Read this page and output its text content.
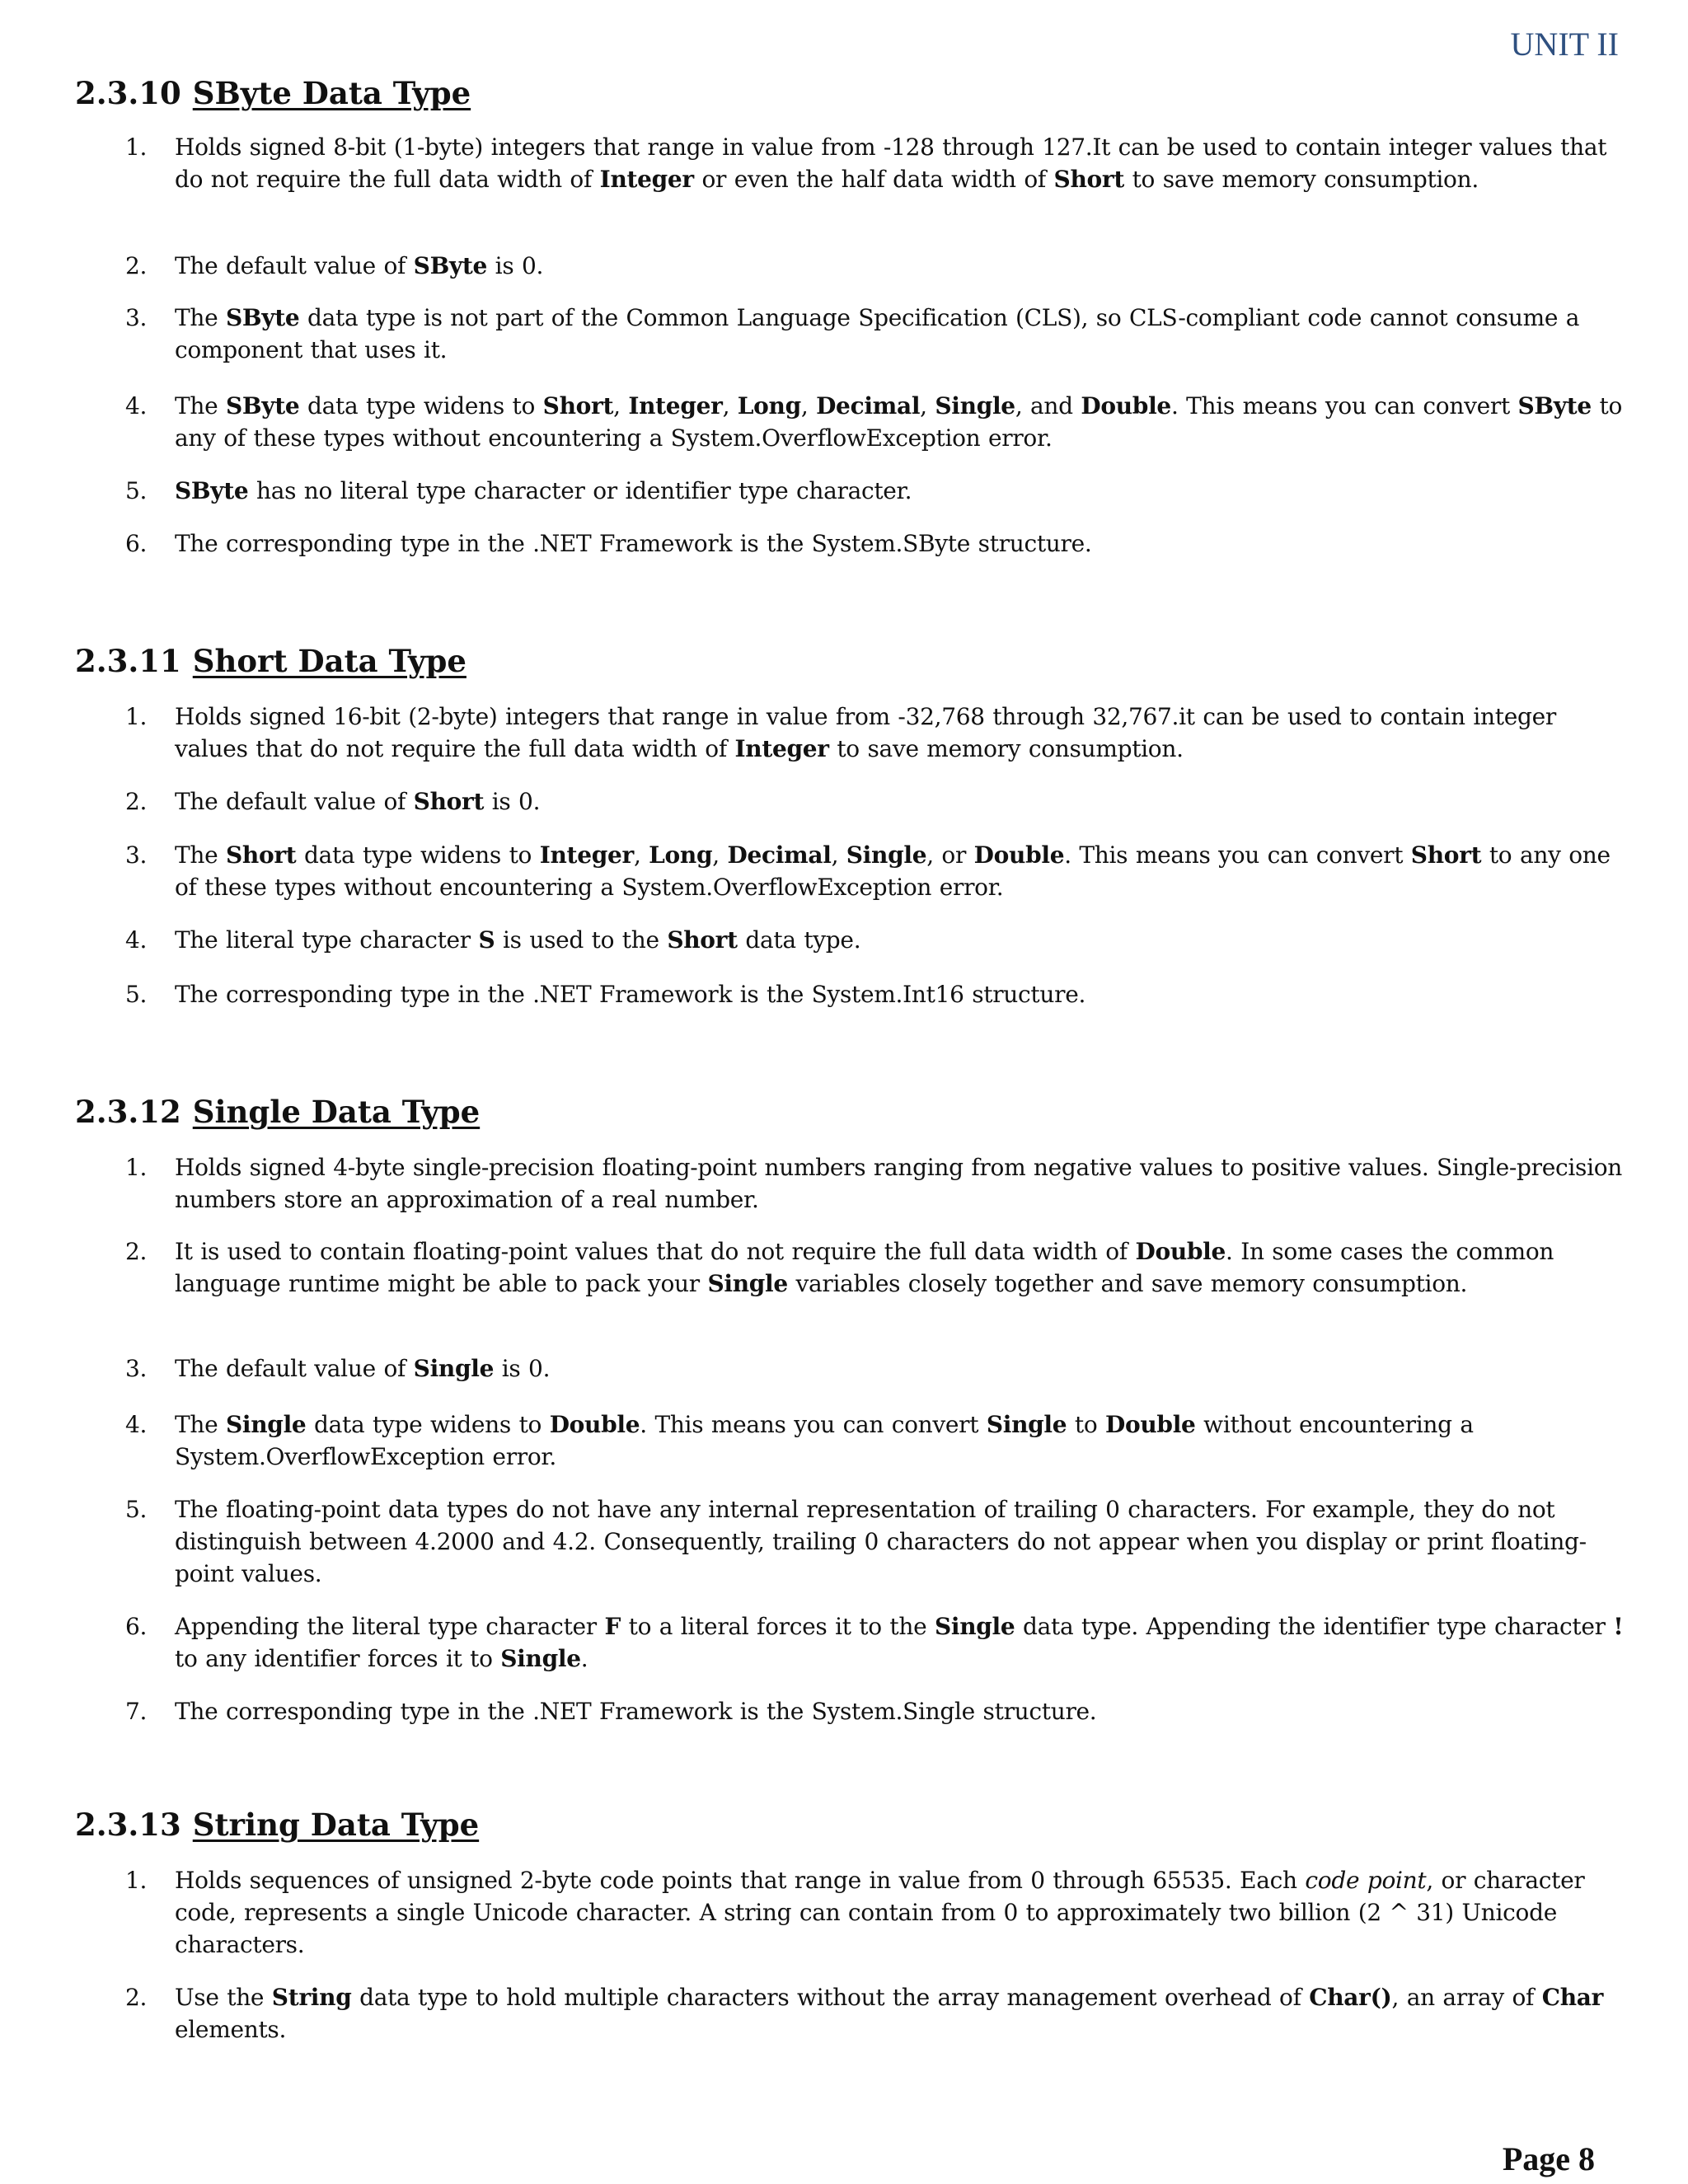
UNIT II
2.3.10 SByte Data Type
1. Holds signed 8-bit (1-byte) integers that range in value from -128 through 127.It can be used to contain integer values that do not require the full data width of Integer or even the half data width of Short to save memory consumption.
2. The default value of SByte is 0.
3. The SByte data type is not part of the Common Language Specification (CLS), so CLS-compliant code cannot consume a component that uses it.
4. The SByte data type widens to Short, Integer, Long, Decimal, Single, and Double. This means you can convert SByte to any of these types without encountering a System.OverflowException error.
5. SByte has no literal type character or identifier type character.
6. The corresponding type in the .NET Framework is the System.SByte structure.
2.3.11 Short Data Type
1. Holds signed 16-bit (2-byte) integers that range in value from -32,768 through 32,767.it can be used to contain integer values that do not require the full data width of Integer to save memory consumption.
2. The default value of Short is 0.
3. The Short data type widens to Integer, Long, Decimal, Single, or Double. This means you can convert Short to any one of these types without encountering a System.OverflowException error.
4. The literal type character S is used to the Short data type.
5. The corresponding type in the .NET Framework is the System.Int16 structure.
2.3.12 Single Data Type
1. Holds signed 4-byte single-precision floating-point numbers ranging from negative values to positive values. Single-precision numbers store an approximation of a real number.
2. It is used to contain floating-point values that do not require the full data width of Double. In some cases the common language runtime might be able to pack your Single variables closely together and save memory consumption.
3. The default value of Single is 0.
4. The Single data type widens to Double. This means you can convert Single to Double without encountering a System.OverflowException error.
5. The floating-point data types do not have any internal representation of trailing 0 characters. For example, they do not distinguish between 4.2000 and 4.2. Consequently, trailing 0 characters do not appear when you display or print floating-point values.
6. Appending the literal type character F to a literal forces it to the Single data type. Appending the identifier type character ! to any identifier forces it to Single.
7. The corresponding type in the .NET Framework is the System.Single structure.
2.3.13 String Data Type
1. Holds sequences of unsigned 2-byte code points that range in value from 0 through 65535. Each code point, or character code, represents a single Unicode character. A string can contain from 0 to approximately two billion (2 ^ 31) Unicode characters.
2. Use the String data type to hold multiple characters without the array management overhead of Char(), an array of Char elements.
Page 8
